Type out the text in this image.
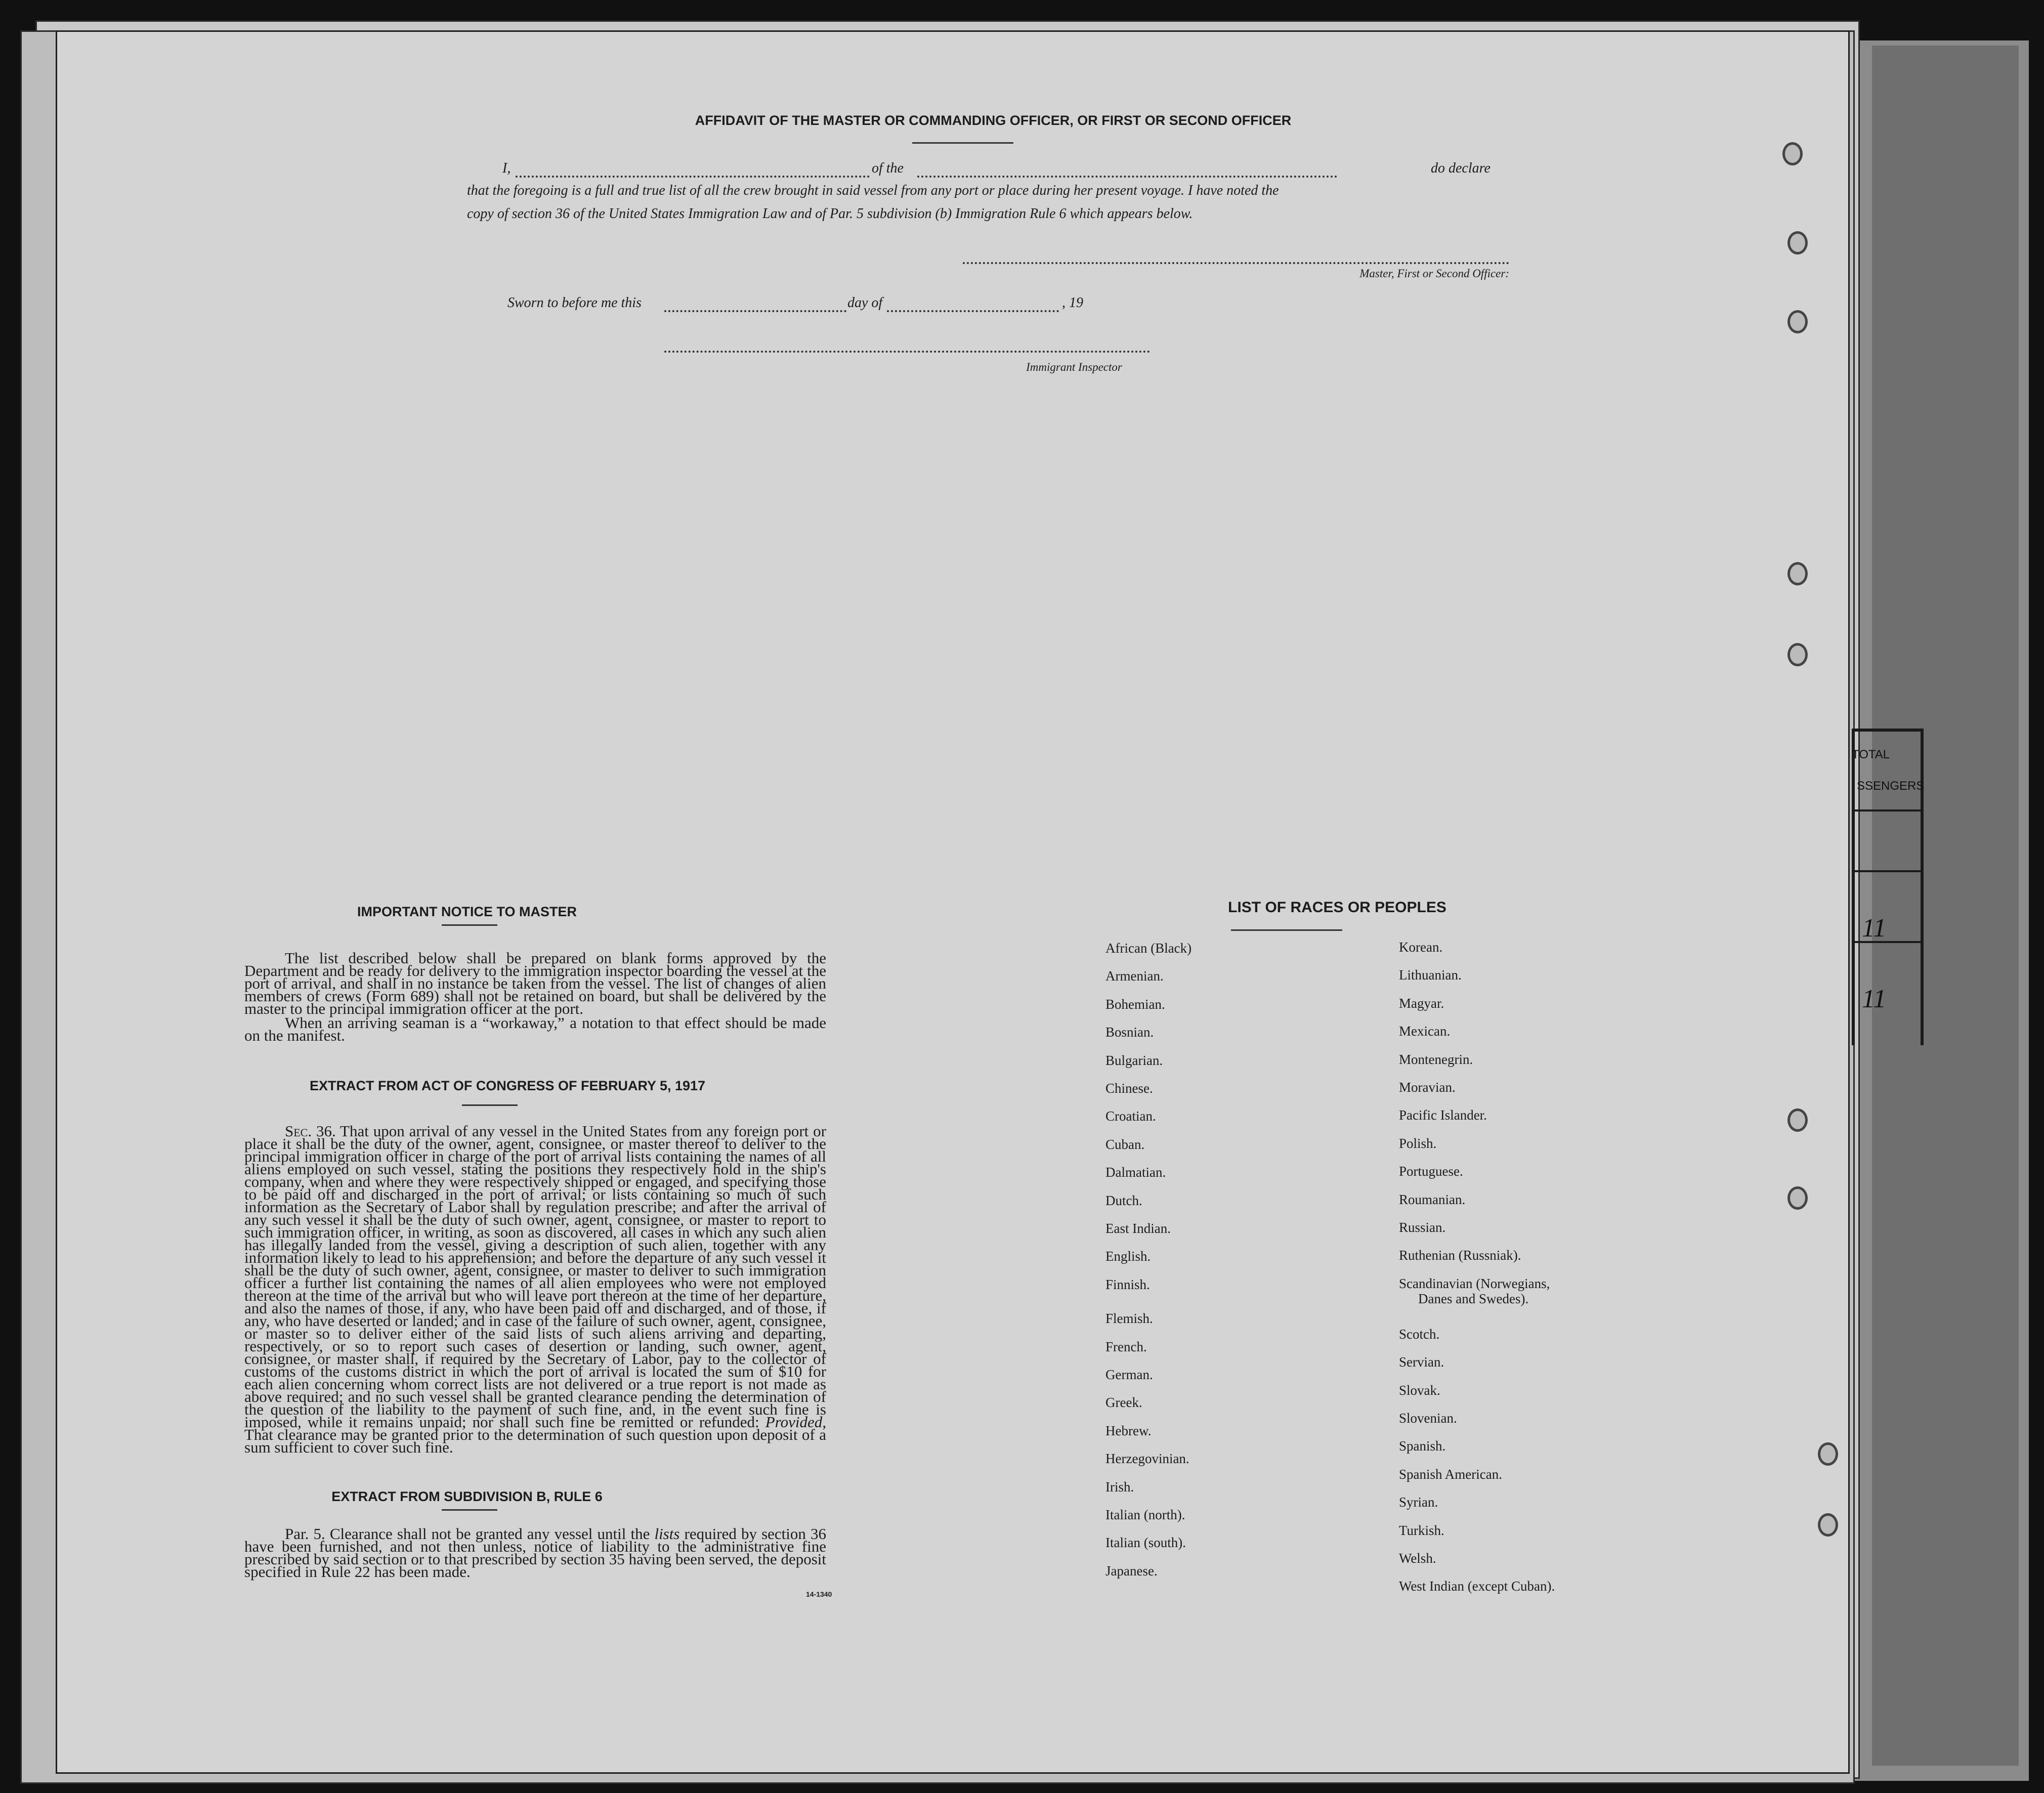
TOTAL
SSENGERS
11
11
AFFIDAVIT OF THE MASTER OR COMMANDING OFFICER, OR FIRST OR SECOND OFFICER
I,	of the	do declare
that the foregoing is a full and true list of all the crew brought in said vessel from any port or place during her present voyage. I have noted the
copy of section 36 of the United States Immigration Law and of Par. 5 subdivision (b) Immigration Rule 6 which appears below.
Master, First or Second Officer:
Sworn to before me this	day of	, 19
Immigrant Inspector
IMPORTANT NOTICE TO MASTER
The list described below shall be prepared on blank forms approved by the Department and be ready for delivery to the immigration inspector boarding the vessel at the port of arrival, and shall in no instance be taken from the vessel. The list of changes of alien members of crews (Form 689) shall not be retained on board, but shall be delivered by the master to the principal immigration officer at the port.
When an arriving seaman is a “workaway,” a notation to that effect should be made on the manifest.
EXTRACT FROM ACT OF CONGRESS OF FEBRUARY 5, 1917
Sec. 36. That upon arrival of any vessel in the United States from any foreign port or place it shall be the duty of the owner, agent, consignee, or master thereof to deliver to the principal immigration officer in charge of the port of arrival lists containing the names of all aliens employed on such vessel, stating the positions they respectively hold in the ship's company, when and where they were respectively shipped or engaged, and specifying those to be paid off and discharged in the port of arrival; or lists containing so much of such information as the Secretary of Labor shall by regulation prescribe; and after the arrival of any such vessel it shall be the duty of such owner, agent, consignee, or master to report to such immigration officer, in writing, as soon as discovered, all cases in which any such alien has illegally landed from the vessel, giving a description of such alien, together with any information likely to lead to his apprehension; and before the departure of any such vessel it shall be the duty of such owner, agent, consignee, or master to deliver to such immigration officer a further list containing the names of all alien employees who were not employed thereon at the time of the arrival but who will leave port thereon at the time of her departure, and also the names of those, if any, who have been paid off and discharged, and of those, if any, who have deserted or landed; and in case of the failure of such owner, agent, consignee, or master so to deliver either of the said lists of such aliens arriving and departing, respectively, or so to report such cases of desertion or landing, such owner, agent, consignee, or master shall, if required by the Secretary of Labor, pay to the collector of customs of the customs district in which the port of arrival is located the sum of $10 for each alien concerning whom correct lists are not delivered or a true report is not made as above required; and no such vessel shall be granted clearance pending the determination of the question of the liability to the payment of such fine, and, in the event such fine is imposed, while it remains unpaid; nor shall such fine be remitted or refunded: Provided, That clearance may be granted prior to the determination of such question upon deposit of a sum sufficient to cover such fine.
EXTRACT FROM SUBDIVISION B, RULE 6
Par. 5. Clearance shall not be granted any vessel until the lists required by section 36 have been furnished, and not then unless, notice of liability to the administrative fine prescribed by said section or to that prescribed by section 35 having been served, the deposit specified in Rule 22 has been made.
14-1340
LIST OF RACES OR PEOPLES
African (Black)
Armenian.
Bohemian.
Bosnian.
Bulgarian.
Chinese.
Croatian.
Cuban.
Dalmatian.
Dutch.
East Indian.
English.
Finnish.
Flemish.
French.
German.
Greek.
Hebrew.
Herzegovinian.
Irish.
Italian (north).
Italian (south).
Japanese.
Korean.
Lithuanian.
Magyar.
Mexican.
Montenegrin.
Moravian.
Pacific Islander.
Polish.
Portuguese.
Roumanian.
Russian.
Ruthenian (Russniak).
Scandinavian (Norwegians,
Danes and Swedes).
Scotch.
Servian.
Slovak.
Slovenian.
Spanish.
Spanish American.
Syrian.
Turkish.
Welsh.
West Indian (except Cuban).
